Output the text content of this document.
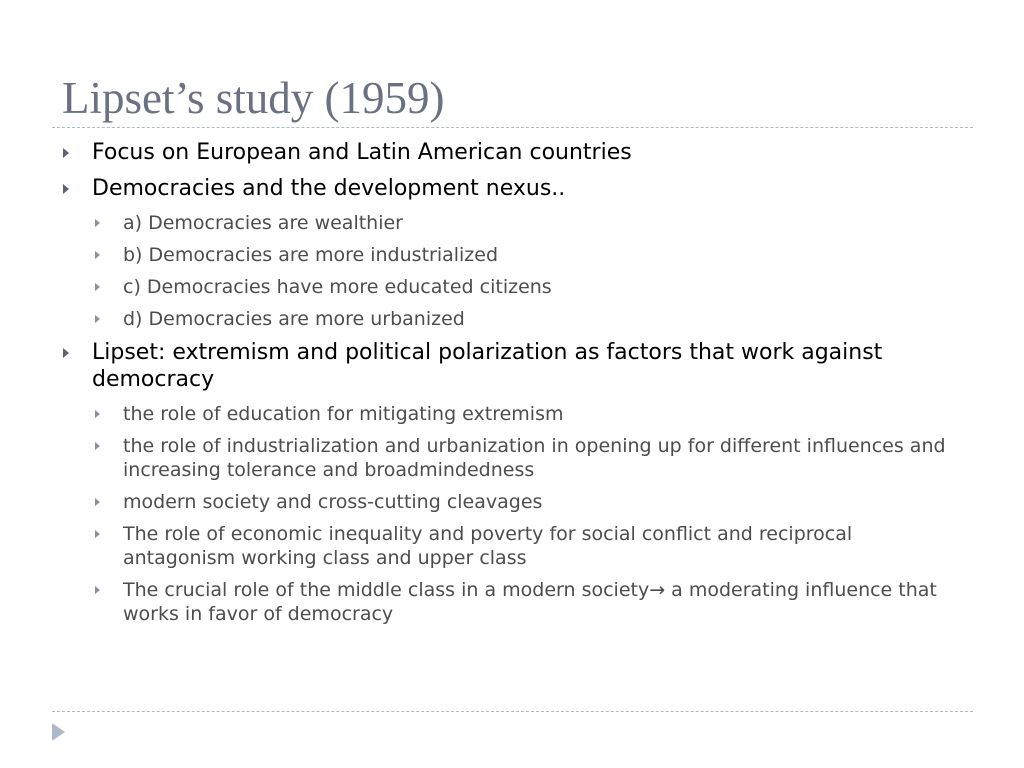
Lipset’s study (1959)
Focus on European and Latin American countries
Democracies and the development nexus..
a) Democracies are wealthier
b) Democracies are more industrialized
c) Democracies have more educated citizens
d) Democracies are more urbanized
Lipset: extremism and political polarization as factors that work against democracy
the role of education for mitigating extremism
the role of industrialization and urbanization in opening up for different influences and increasing tolerance and broadmindedness
modern society and cross-cutting cleavages
The role of economic inequality and poverty for social conflict and reciprocal antagonism working class and upper class
The crucial role of the middle class in a modern society→ a moderating influence that works in favor of democracy
